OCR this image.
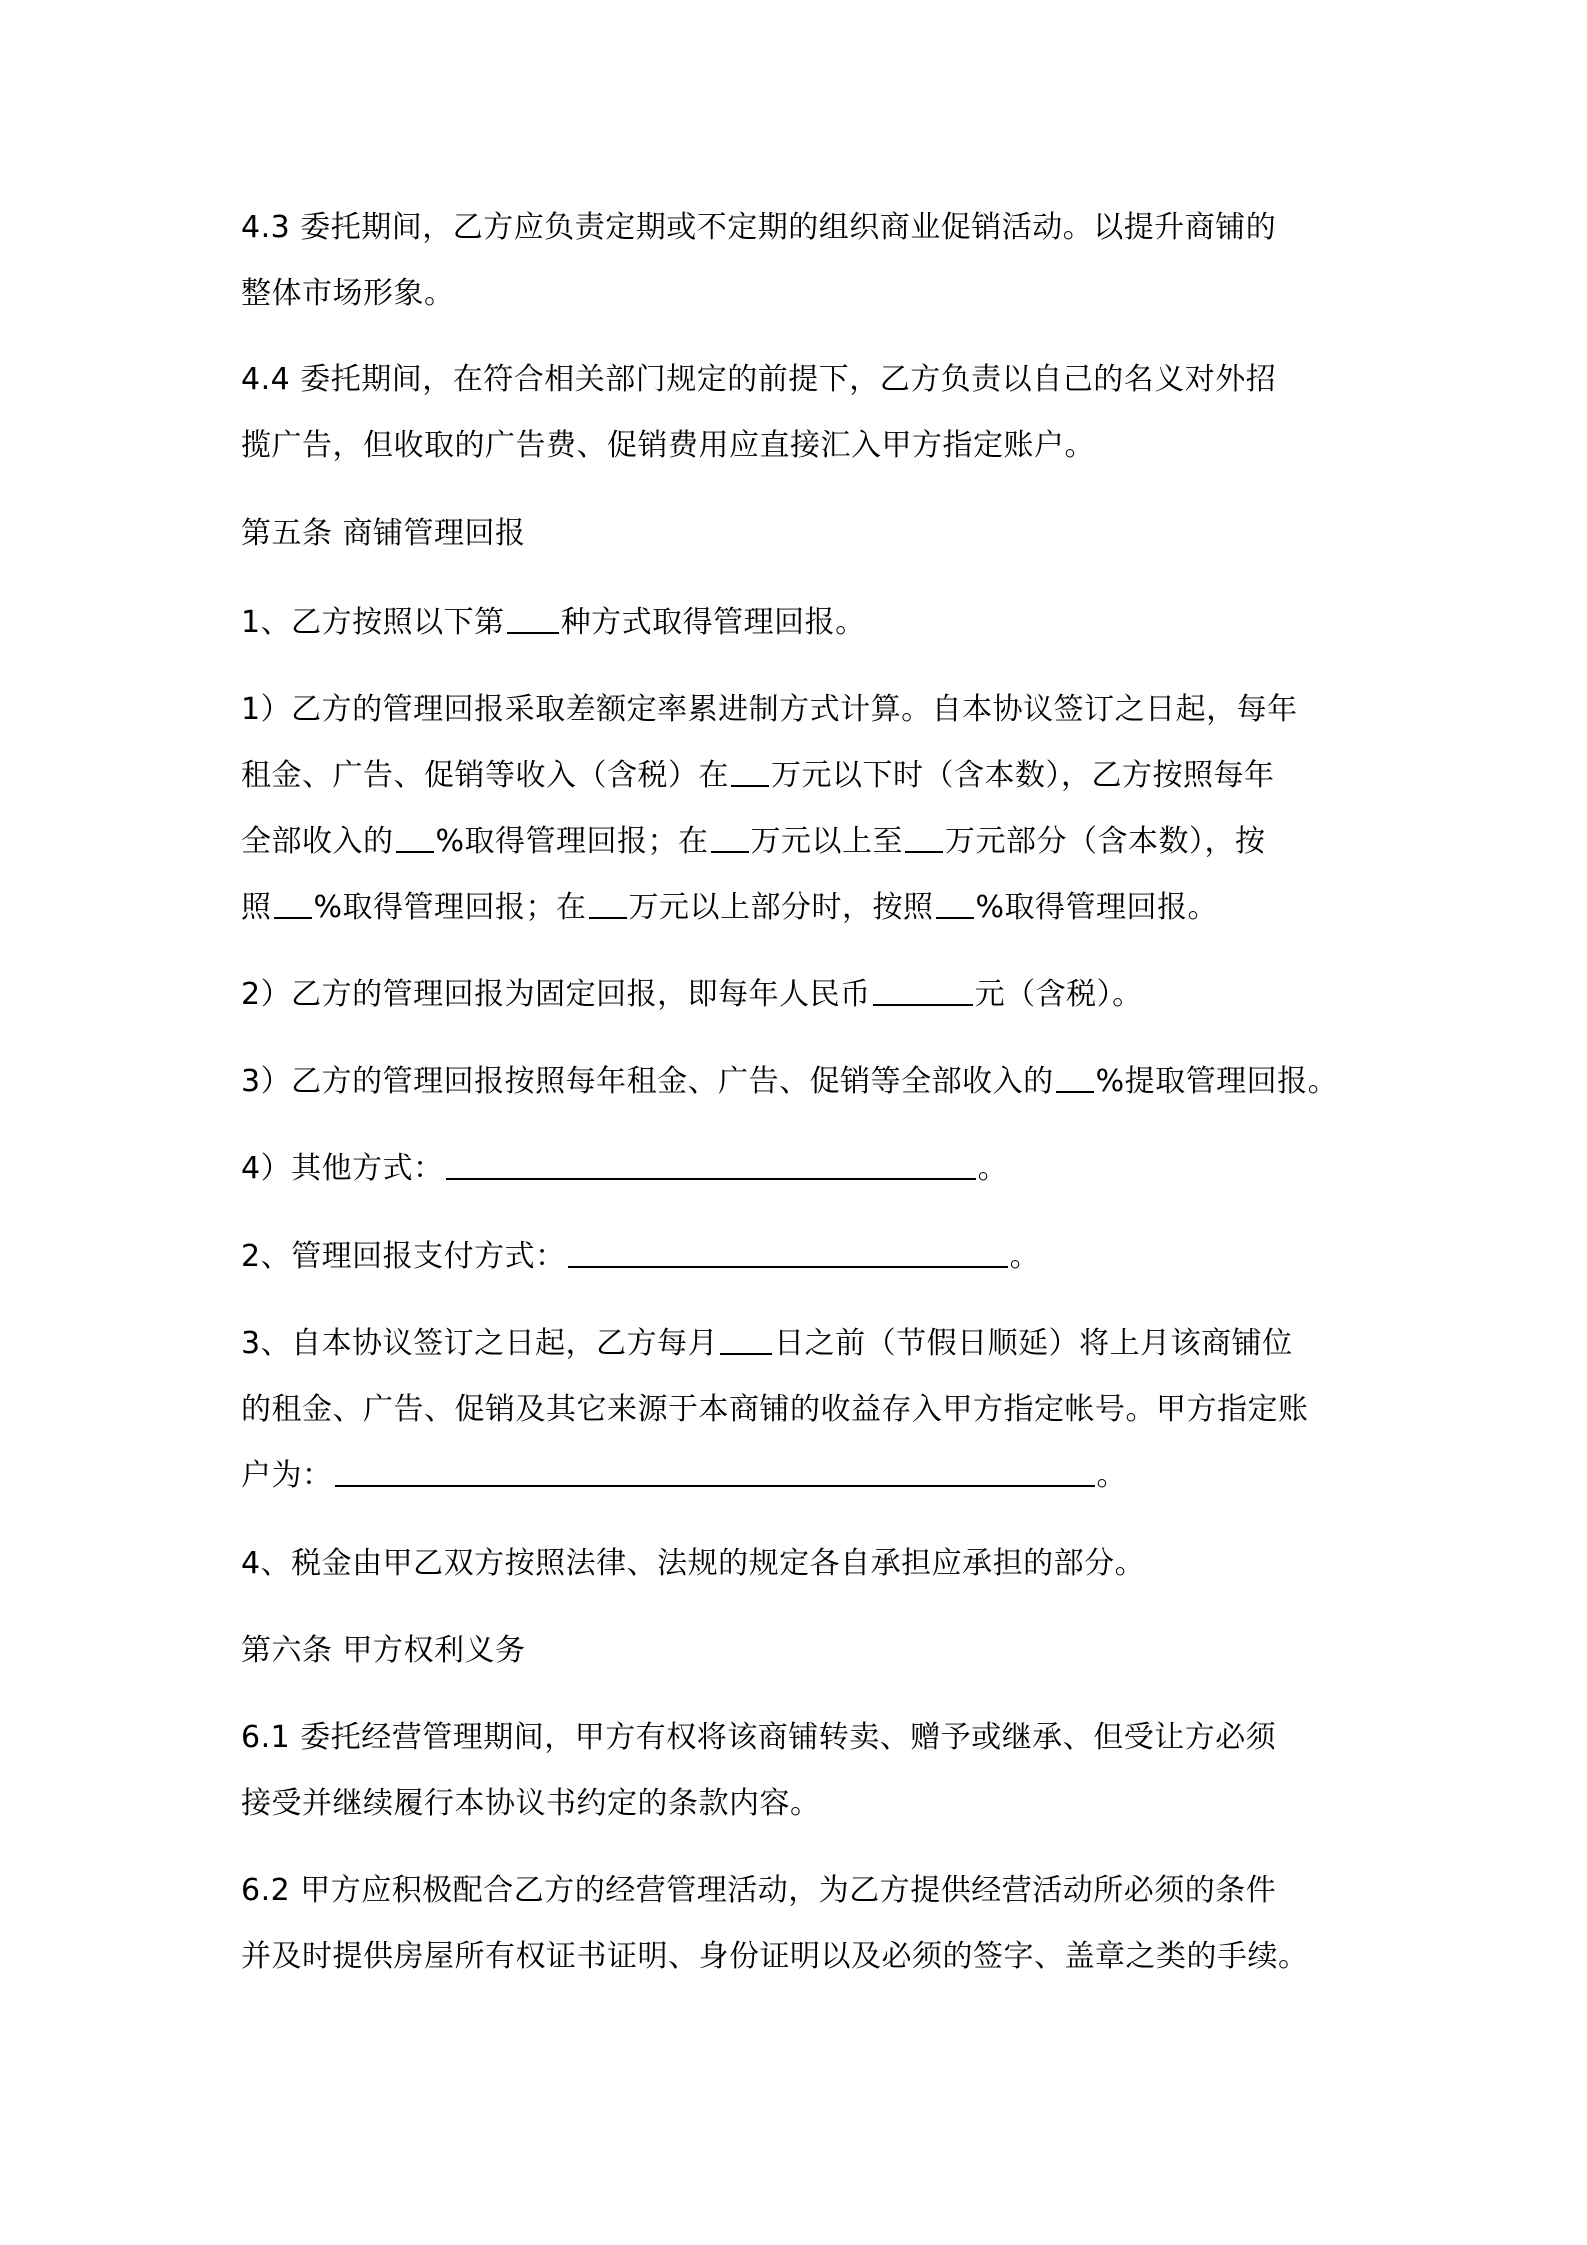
4.3 委托期间，乙方应负责定期或不定期的组织商业促销活动。以提升商铺的

整体市场形象。

4.4 委托期间，在符合相关部门规定的前提下，乙方负责以自己的名义对外招

揽广告，但收取的广告费、促销费用应直接汇入甲方指定账户。

第五条 商铺管理回报

1、乙方按照以下第 种方式取得管理回报。

1）乙方的管理回报采取差额定率累进制方式计算。自本协议签订之日起，每年

租金、广告、促销等收入（含税）在 万元以下时（含本数），乙方按照每年

全部收入的 %取得管理回报；在 万元以上至 万元部分（含本数），按

照 %取得管理回报；在 万元以上部分时，按照 %取得管理回报。

2）乙方的管理回报为固定回报，即每年人民币	元（含税）。

3）乙方的管理回报按照每年租金、广告、促销等全部收入的 %提取管理回报。

4）其他方式：	。

2、管理回报支付方式：	。

3、自本协议签订之日起，乙方每月 日之前（节假日顺延）将上月该商铺位

的租金、广告、促销及其它来源于本商铺的收益存入甲方指定帐号。甲方指定账

户为：	。

4、税金由甲乙双方按照法律、法规的规定各自承担应承担的部分。

第六条 甲方权利义务

6.1 委托经营管理期间，甲方有权将该商铺转卖、赠予或继承、但受让方必须

接受并继续履行本协议书约定的条款内容。

6.2 甲方应积极配合乙方的经营管理活动，为乙方提供经营活动所必须的条件

并及时提供房屋所有权证书证明、身份证明以及必须的签字、盖章之类的手续。
